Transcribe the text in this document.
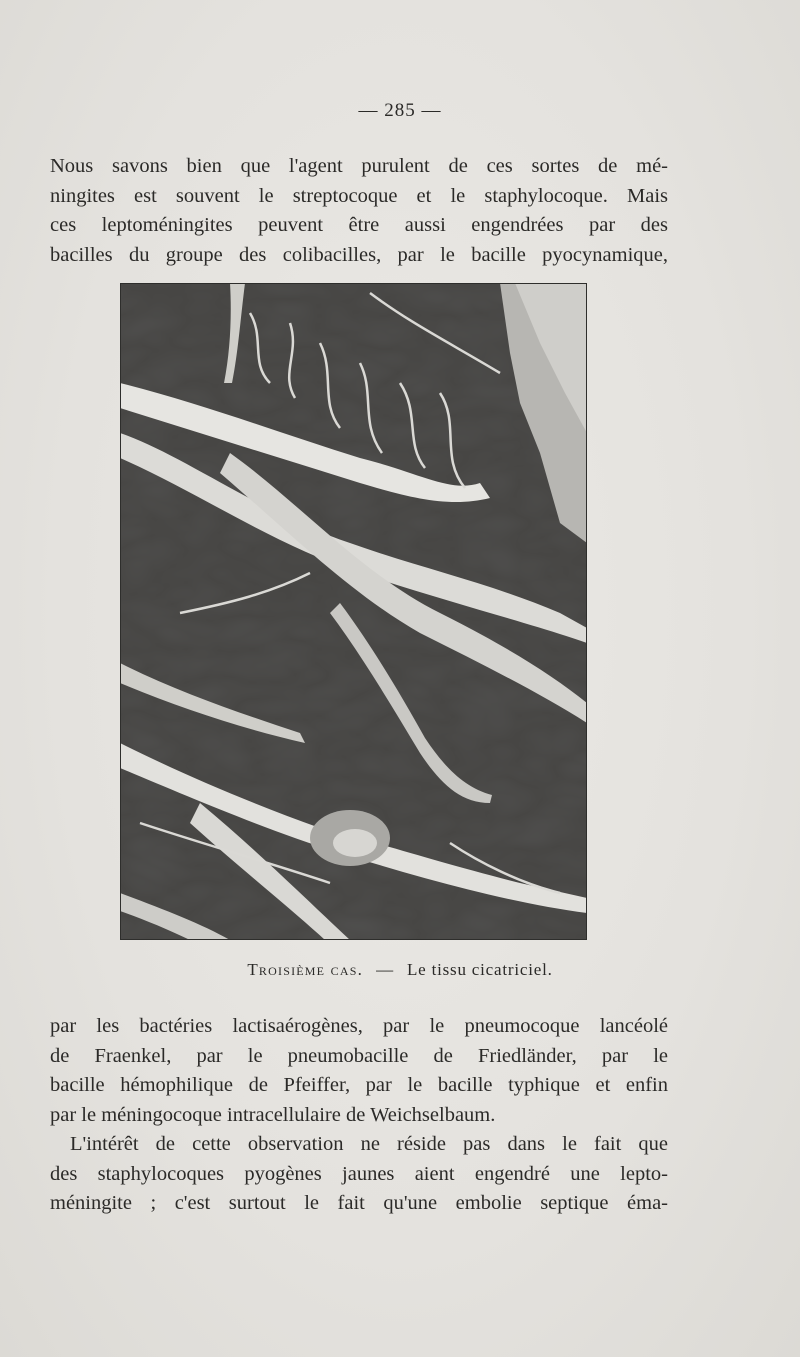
— 285 —

Nous savons bien que l'agent purulent de ces sortes de mé-
ningites est souvent le streptocoque et le staphylocoque. Mais
ces leptoméningites peuvent être aussi engendrées par des
bacilles du groupe des colibacilles, par le bacille pyocynamique,

Troisième cas. — Le tissu cicatriciel.

par les bactéries lactisaérogènes, par le pneumocoque lancéolé
de Fraenkel, par le pneumobacille de Friedländer, par le
bacille hémophilique de Pfeiffer, par le bacille typhique et enfin
par le méningocoque intracellulaire de Weichselbaum.
L'intérêt de cette observation ne réside pas dans le fait que
des staphylocoques pyogènes jaunes aient engendré une lepto-
méningite ; c'est surtout le fait qu'une embolie septique éma-
